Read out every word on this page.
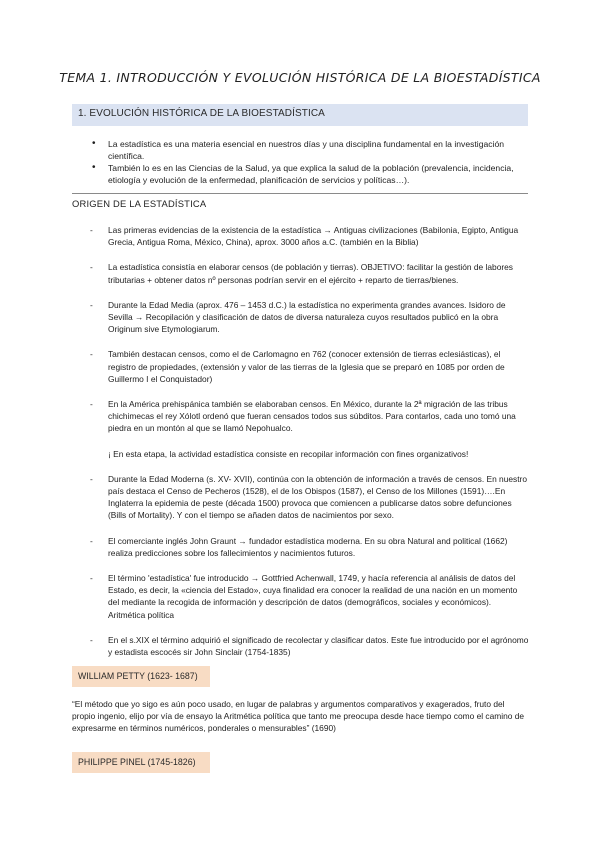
TEMA 1. INTRODUCCIÓN Y EVOLUCIÓN HISTÓRICA DE LA BIOESTADÍSTICA
1. EVOLUCIÓN HISTÓRICA DE LA BIOESTADÍSTICA
• La estadística es una materia esencial en nuestros días y una disciplina fundamental en la investigación científica.
• También lo es en las Ciencias de la Salud, ya que explica la salud de la población (prevalencia, incidencia, etiología y evolución de la enfermedad, planificación de servicios y políticas…).
ORIGEN DE LA ESTADÍSTICA
- Las primeras evidencias de la existencia de la estadística → Antiguas civilizaciones (Babilonia, Egipto, Antigua Grecia, Antigua Roma, México, China), aprox. 3000 años a.C. (también en la Biblia)
- La estadística consistía en elaborar censos (de población y tierras). OBJETIVO: facilitar la gestión de labores tributarias + obtener datos nº personas podrían servir en el ejército + reparto de tierras/bienes.
- Durante la Edad Media (aprox. 476 – 1453 d.C.) la estadística no experimenta grandes avances. Isidoro de Sevilla → Recopilación y clasificación de datos de diversa naturaleza cuyos resultados publicó en la obra Originum sive Etymologiarum.
- También destacan censos, como el de Carlomagno en 762 (conocer extensión de tierras eclesiásticas), el registro de propiedades, (extensión y valor de las tierras de la Iglesia que se preparó en 1085 por orden de Guillermo I el Conquistador)
- En la América prehispánica también se elaboraban censos. En México, durante la 2ª migración de las tribus chichimecas el rey Xólotl ordenó que fueran censados todos sus súbditos. Para contarlos, cada uno tomó una piedra en un montón al que se llamó Nepohualco.
¡ En esta etapa, la actividad estadística consiste en recopilar información con fines organizativos!
- Durante la Edad Moderna (s. XV- XVII), continúa con la obtención de información a través de censos. En nuestro país destaca el Censo de Pecheros (1528), el de los Obispos (1587), el Censo de los Millones (1591)….En Inglaterra la epidemia de peste (década 1500) provoca que comiencen a publicarse datos sobre defunciones (Bills of Mortality). Y con el tiempo se añaden datos de nacimientos por sexo.
- El comerciante inglés John Graunt → fundador estadística moderna. En su obra Natural and political (1662) realiza predicciones sobre los fallecimientos y nacimientos futuros.
- El término 'estadística' fue introducido → Gottfried Achenwall, 1749, y hacía referencia al análisis de datos del Estado, es decir, la «ciencia del Estado», cuya finalidad era conocer la realidad de una nación en un momento del mediante la recogida de información y descripción de datos (demográficos, sociales y económicos). Aritmética política
- En el s.XIX el término adquirió el significado de recolectar y clasificar datos. Este fue introducido por el agrónomo y estadista escocés sir John Sinclair (1754-1835)
WILLIAM PETTY (1623- 1687)
“El método que yo sigo es aún poco usado, en lugar de palabras y argumentos comparativos y exagerados, fruto del propio ingenio, elijo por vía de ensayo la Aritmética política que tanto me preocupa desde hace tiempo como el camino de expresarme en términos numéricos, ponderales o mensurables” (1690)
PHILIPPE PINEL (1745-1826)
